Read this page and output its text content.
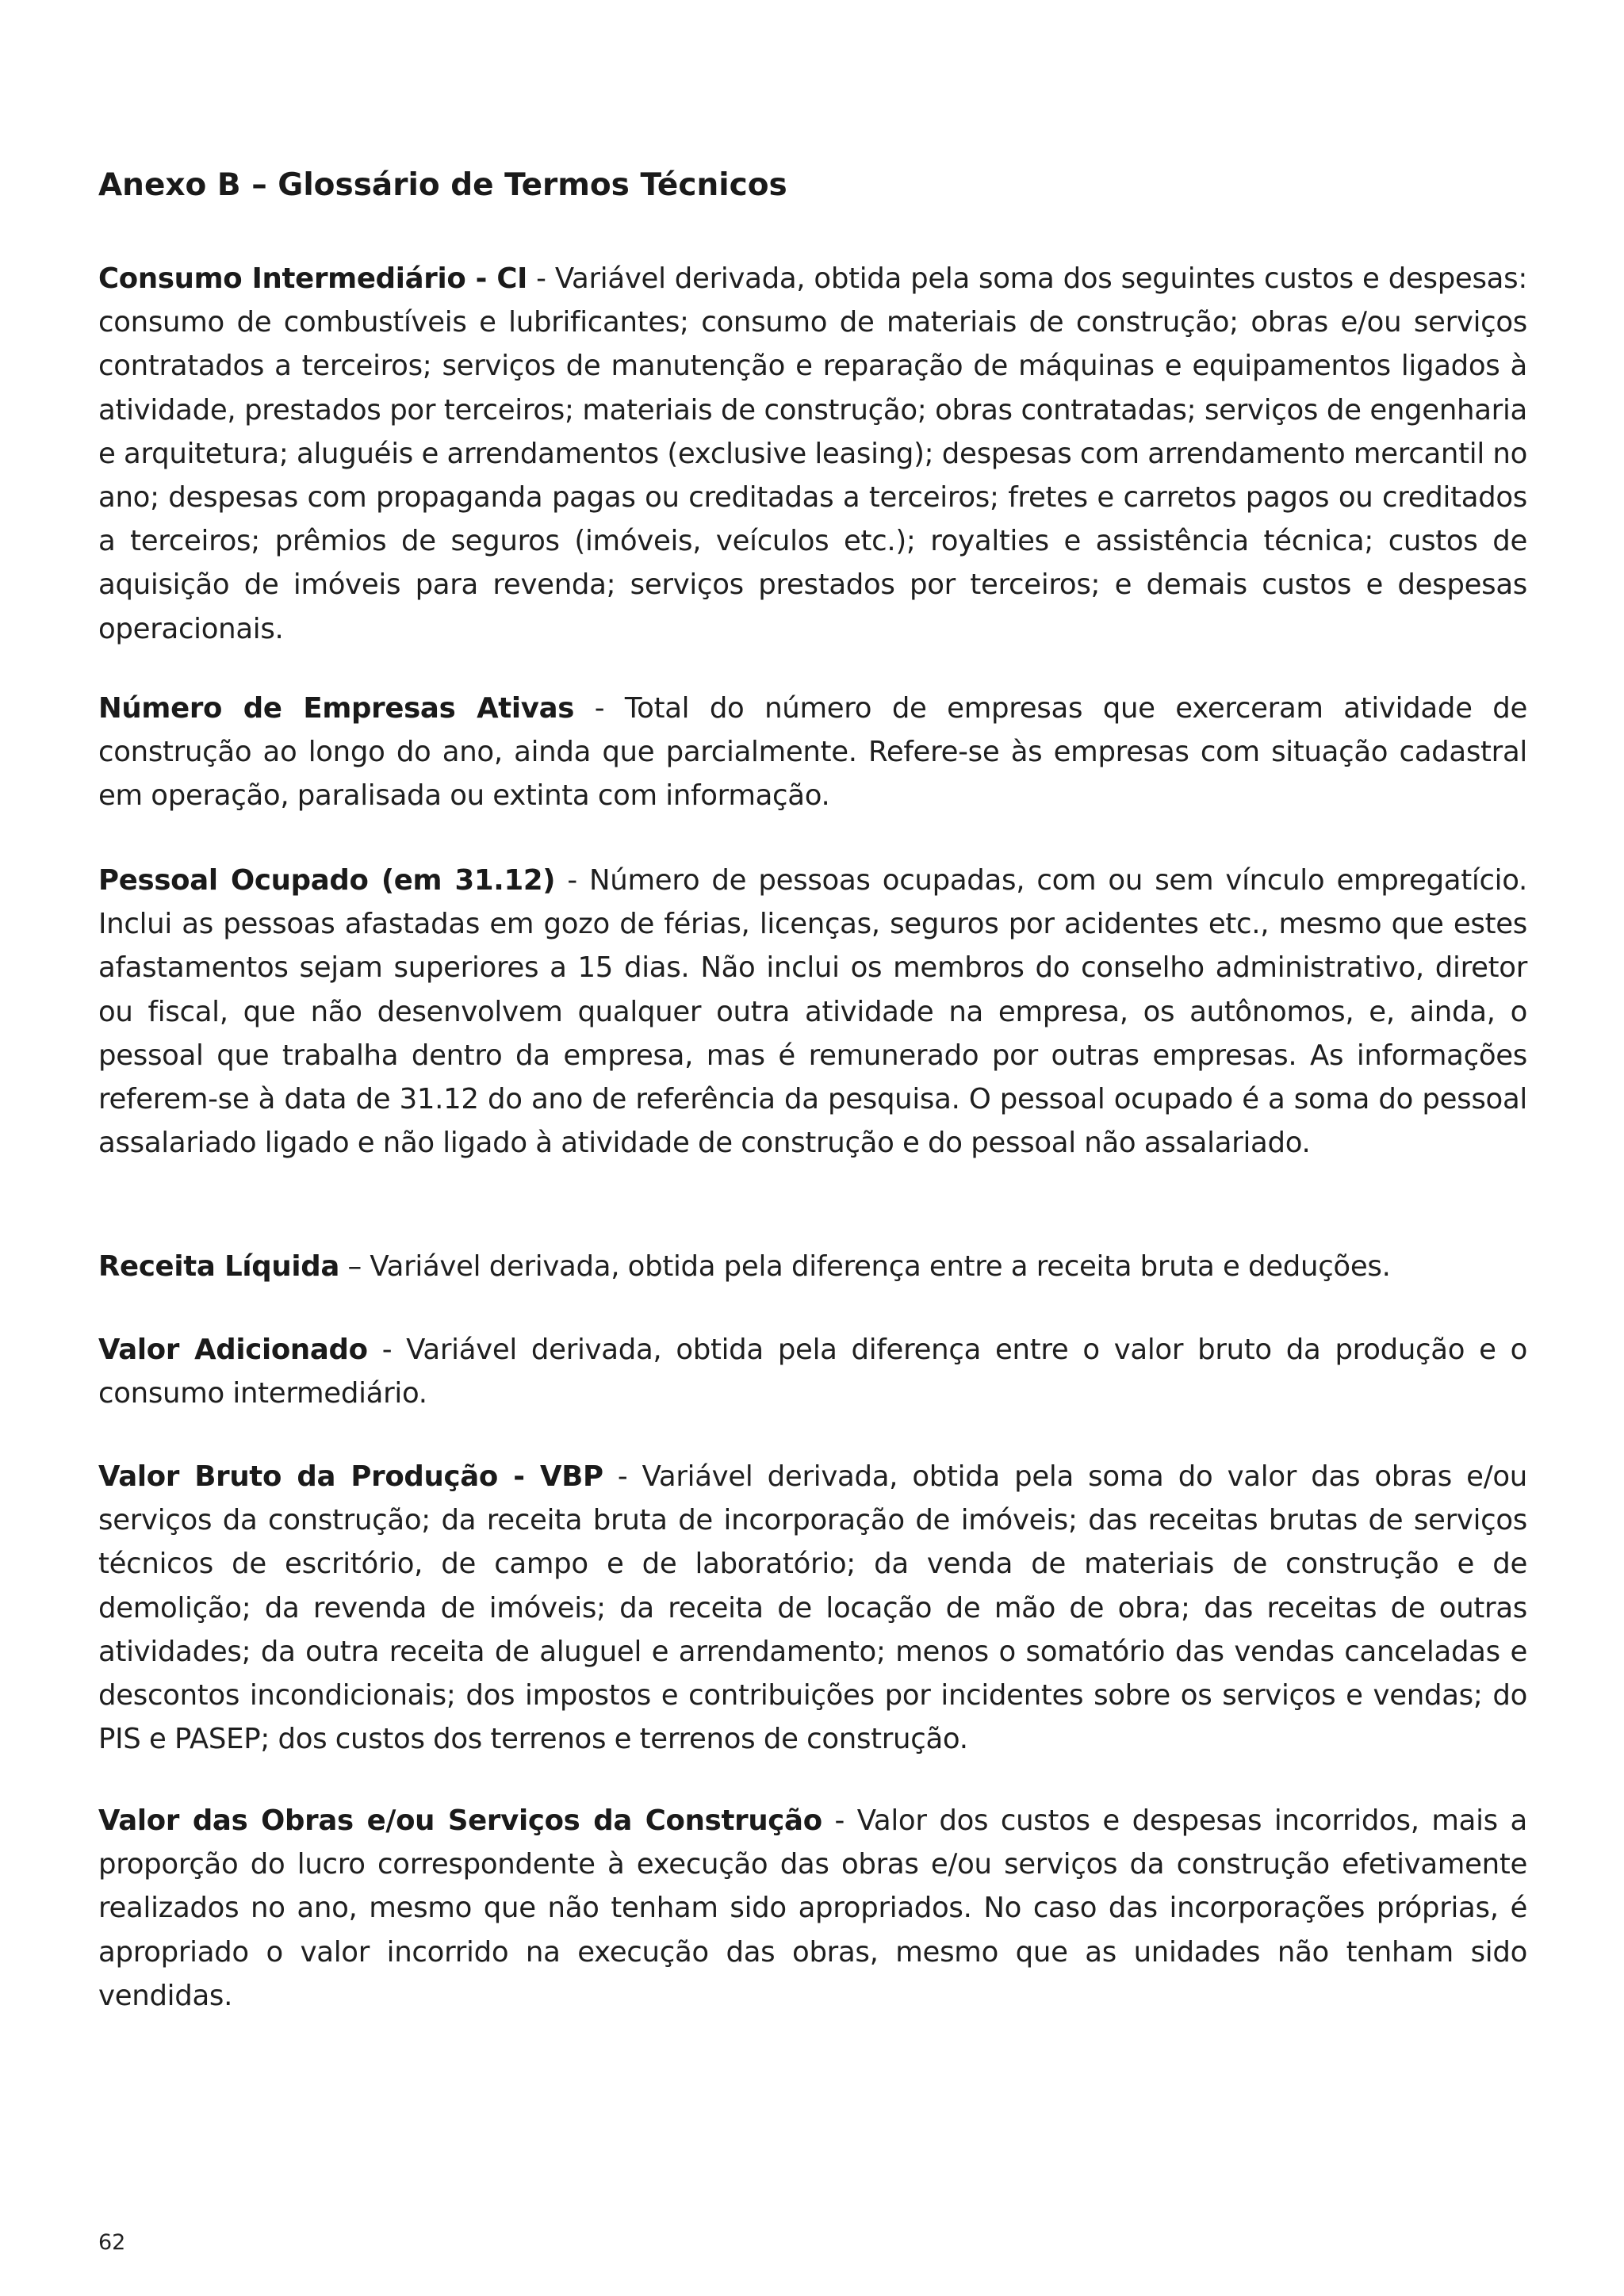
Anexo B – Glossário de Termos Técnicos

Consumo Intermediário - CI - Variável derivada, obtida pela soma dos seguintes custos e despesas: consumo de combustíveis e lubrificantes; consumo de materiais de construção; obras e/ou serviços contratados a terceiros; serviços de manutenção e reparação de máquinas e equipamentos ligados à atividade, prestados por terceiros; materiais de construção; obras contratadas; serviços de engenharia e arquitetura; aluguéis e arrendamentos (exclusive leasing); despesas com arrendamento mercantil no ano; despesas com propaganda pagas ou creditadas a terceiros; fretes e carretos pagos ou creditados a terceiros; prêmios de seguros (imóveis, veículos etc.); royalties e assistência técnica; custos de aquisição de imóveis para revenda; serviços prestados por terceiros; e demais custos e despesas operacionais.

Número de Empresas Ativas - Total do número de empresas que exerceram atividade de construção ao longo do ano, ainda que parcialmente. Refere-se às empresas com situação cadastral em operação, paralisada ou extinta com informação.

Pessoal Ocupado (em 31.12) - Número de pessoas ocupadas, com ou sem vínculo empregatício. Inclui as pessoas afastadas em gozo de férias, licenças, seguros por acidentes etc., mesmo que estes afastamentos sejam superiores a 15 dias. Não inclui os membros do conselho administrativo, diretor ou fiscal, que não desenvolvem qualquer outra atividade na empresa, os autônomos, e, ainda, o pessoal que trabalha dentro da empresa, mas é remunerado por outras empresas. As informações referem-se à data de 31.12 do ano de referência da pesquisa. O pessoal ocupado é a soma do pessoal assalariado ligado e não ligado à atividade de construção e do pessoal não assalariado.

Receita Líquida – Variável derivada, obtida pela diferença entre a receita bruta e deduções.

Valor Adicionado - Variável derivada, obtida pela diferença entre o valor bruto da produção e o consumo intermediário.

Valor Bruto da Produção - VBP - Variável derivada, obtida pela soma do valor das obras e/ou serviços da construção; da receita bruta de incorporação de imóveis; das receitas brutas de serviços técnicos de escritório, de campo e de laboratório; da venda de materiais de construção e de demolição; da revenda de imóveis; da receita de locação de mão de obra; das receitas de outras atividades; da outra receita de aluguel e arrendamento; menos o somatório das vendas canceladas e descontos incondicionais; dos impostos e contribuições por incidentes sobre os serviços e vendas; do PIS e PASEP; dos custos dos terrenos e terrenos de construção.

Valor das Obras e/ou Serviços da Construção - Valor dos custos e despesas incorridos, mais a proporção do lucro correspondente à execução das obras e/ou serviços da construção efetivamente realizados no ano, mesmo que não tenham sido apropriados. No caso das incorporações próprias, é apropriado o valor incorrido na execução das obras, mesmo que as unidades não tenham sido vendidas.

62
